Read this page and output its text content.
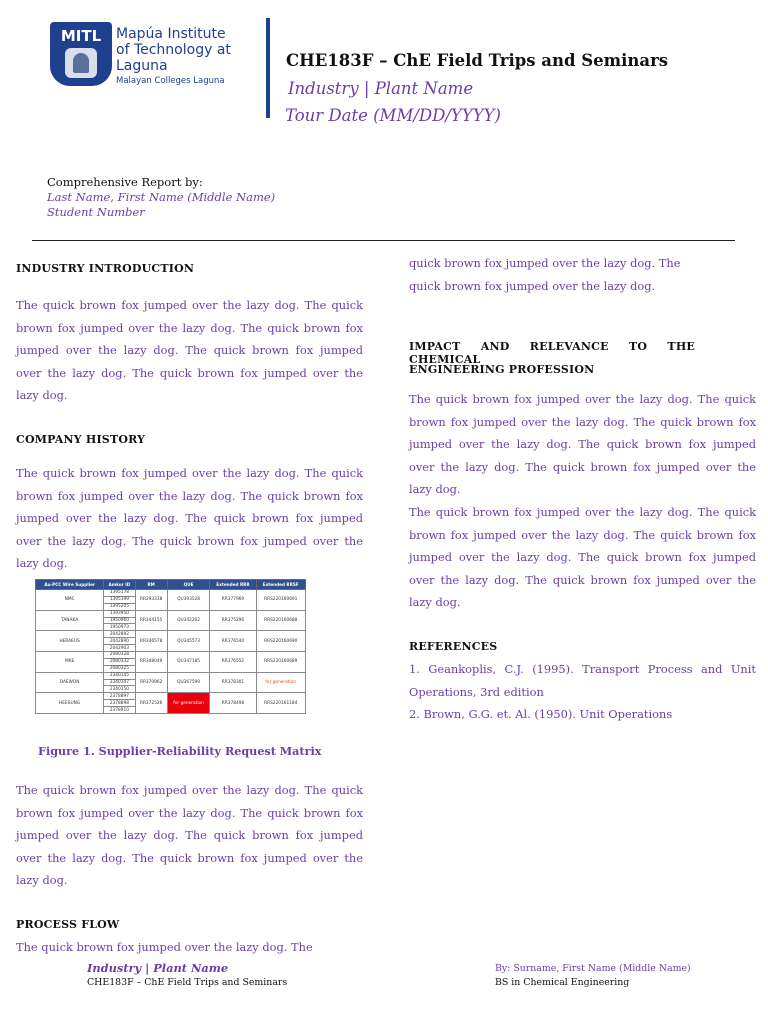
MITL	Mapúa Institute
of Technology at Laguna
Malayan Colleges Laguna
CHE183F – ChE Field Trips and Seminars
Industry | Plant Name
Tour Date (MM/DD/YYYY)
Comprehensive Report by:
Last Name, First Name (Middle Name)
Student Number
INDUSTRY INTRODUCTION
The quick brown fox jumped over the lazy dog. The quick brown fox jumped over the lazy dog. The quick brown fox jumped over the lazy dog. The quick brown fox jumped over the lazy dog. The quick brown fox jumped over the lazy dog.
COMPANY HISTORY
The quick brown fox jumped over the lazy dog. The quick brown fox jumped over the lazy dog. The quick brown fox jumped over the lazy dog. The quick brown fox jumped over the lazy dog. The quick brown fox jumped over the lazy dog.
Au-PCC Wire Supplier	Amkor ID	RM	QUE	Extended RRR	Extended RRSF
NMC	1395178	RR293338	QU393528	RR377969	RRS220160691
	1395199				
	1395205				
TANAKA	1393950	RR344155	QU342202	RR375296	RRS220160688
	1950960				
	1950973				
HERAEUS	2042892	RR346578	QU345573	RR376540	RRS220160690
	2042890				
	2042903				
MKE	2080328	RR348049	QU347185	RR376552	RRS220160689
	2080332				
	2080325				
DAEWON	2340145	RR370962	QU367599	RR378301	for generation
	2340147				
	2340150				
HEESUNG	2378897	RR372526	for generation	RR378498	RRS220161184
	2378898				
	2378910				
Figure 1. Supplier-Reliability Request Matrix
The quick brown fox jumped over the lazy dog. The quick brown fox jumped over the lazy dog. The quick brown fox jumped over the lazy dog. The quick brown fox jumped over the lazy dog. The quick brown fox jumped over the lazy dog.
PROCESS FLOW
The quick brown fox jumped over the lazy dog. The
quick brown fox jumped over the lazy dog. The quick brown fox jumped over the lazy dog.
IMPACT AND RELEVANCE TO THE CHEMICAL
ENGINEERING PROFESSION
The quick brown fox jumped over the lazy dog. The quick brown fox jumped over the lazy dog. The quick brown fox jumped over the lazy dog. The quick brown fox jumped over the lazy dog. The quick brown fox jumped over the lazy dog.
The quick brown fox jumped over the lazy dog. The quick brown fox jumped over the lazy dog. The quick brown fox jumped over the lazy dog. The quick brown fox jumped over the lazy dog. The quick brown fox jumped over the lazy dog.
REFERENCES
1. Geankoplis, C.J. (1995). Transport Process and Unit Operations, 3rd edition
2. Brown, G.G. et. Al. (1950). Unit Operations
Industry | Plant Name
CHE183F – ChE Field Trips and Seminars
By: Surname, First Name (Middle Name)
BS in Chemical Engineering
